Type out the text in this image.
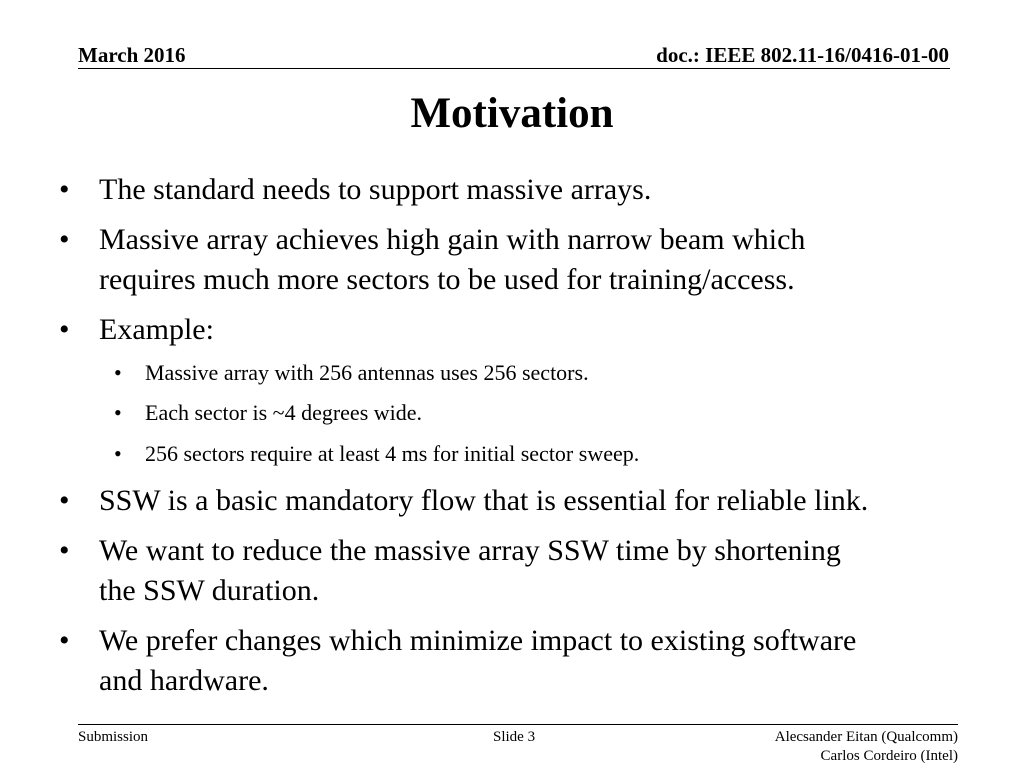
March 2016	doc.: IEEE 802.11-16/0416-01-00
Motivation
• The standard needs to support massive arrays.
• Massive array achieves high gain with narrow beam which
requires much more sectors to be used for training/access.
• Example:
• Massive array with 256 antennas uses 256 sectors.
• Each sector is ~4 degrees wide.
• 256 sectors require at least 4 ms for initial sector sweep.
• SSW is a basic mandatory flow that is essential for reliable link.
• We want to reduce the massive array SSW time by shortening
the SSW duration.
• We prefer changes which minimize impact to existing software
and hardware.
Submission	Slide 3	Alecsander Eitan (Qualcomm)
Carlos Cordeiro (Intel)
